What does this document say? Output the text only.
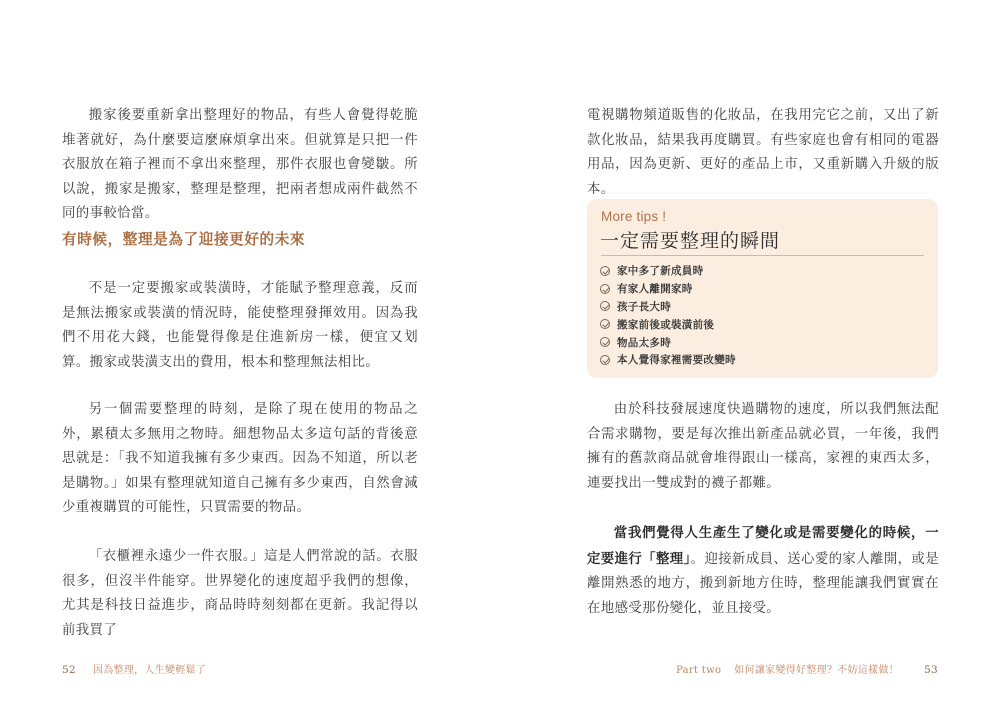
搬家後要重新拿出整理好的物品，有些人會覺得乾脆堆著就好，為什麼要這麼麻煩拿出來。但就算是只把一件衣服放在箱子裡而不拿出來整理，那件衣服也會變皺。所以說，搬家是搬家，整理是整理，把兩者想成兩件截然不同的事較恰當。

有時候，整理是為了迎接更好的未來

不是一定要搬家或裝潢時，才能賦予整理意義，反而是無法搬家或裝潢的情況時，能使整理發揮效用。因為我們不用花大錢，也能覺得像是住進新房一樣，便宜又划算。搬家或裝潢支出的費用，根本和整理無法相比。

另一個需要整理的時刻，是除了現在使用的物品之外，累積太多無用之物時。細想物品太多這句話的背後意思就是：「我不知道我擁有多少東西。因為不知道，所以老是購物。」如果有整理就知道自己擁有多少東西，自然會減少重複購買的可能性，只買需要的物品。

「衣櫃裡永遠少一件衣服。」這是人們常說的話。衣服很多，但沒半件能穿。世界變化的速度超乎我們的想像，尤其是科技日益進步，商品時時刻刻都在更新。我記得以前我買了

52 因為整理，人生變輕鬆了

電視購物頻道販售的化妝品，在我用完它之前，又出了新款化妝品，結果我再度購買。有些家庭也會有相同的電器用品，因為更新、更好的產品上市，又重新購入升級的版本。

More tips !
一定需要整理的瞬間
家中多了新成員時
有家人離開家時
孩子長大時
搬家前後或裝潢前後
物品太多時
本人覺得家裡需要改變時

由於科技發展速度快過購物的速度，所以我們無法配合需求購物，要是每次推出新產品就必買，一年後，我們擁有的舊款商品就會堆得跟山一樣高，家裡的東西太多，連要找出一雙成對的襪子都難。

當我們覺得人生產生了變化或是需要變化的時候，一定要進行「整理」。迎接新成員、送心愛的家人離開，或是離開熟悉的地方，搬到新地方住時，整理能讓我們實實在在地感受那份變化，並且接受。

Part two 如何讓家變得好整理？不妨這樣做！ 53
